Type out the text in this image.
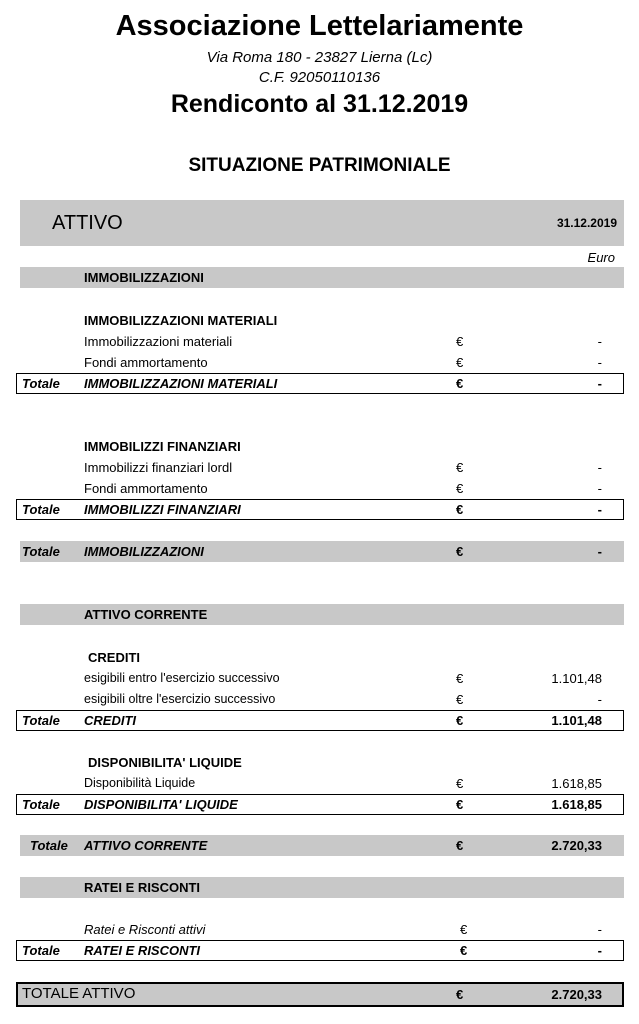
Associazione Lettelariamente
Via Roma 180 - 23827 Lierna (Lc)
C.F. 92050110136
Rendiconto al 31.12.2019
SITUAZIONE PATRIMONIALE
ATTIVO	31.12.2019
Euro
IMMOBILIZZAZIONI
IMMOBILIZZAZIONI MATERIALI
Immobilizzazioni materiali	€	-
Fondi ammortamento	€	-
Totale IMMOBILIZZAZIONI MATERIALI	€	-
IMMOBILIZZI FINANZIARI
Immobilizzi finanziari lordl	€	-
Fondi ammortamento	€	-
Totale IMMOBILIZZI FINANZIARI	€	-
Totale IMMOBILIZZAZIONI	€	-
ATTIVO CORRENTE
CREDITI
esigibili entro l'esercizio successivo	€	1.101,48
esigibili oltre l'esercizio successivo	€	-
Totale CREDITI	€	1.101,48
DISPONIBILITA' LIQUIDE
Disponibilità Liquide	€	1.618,85
Totale DISPONIBILITA' LIQUIDE	€	1.618,85
Totale ATTIVO CORRENTE	€	2.720,33
RATEI E RISCONTI
Ratei e Risconti attivi	€	-
Totale RATEI E RISCONTI	€	-
TOTALE ATTIVO	€	2.720,33
